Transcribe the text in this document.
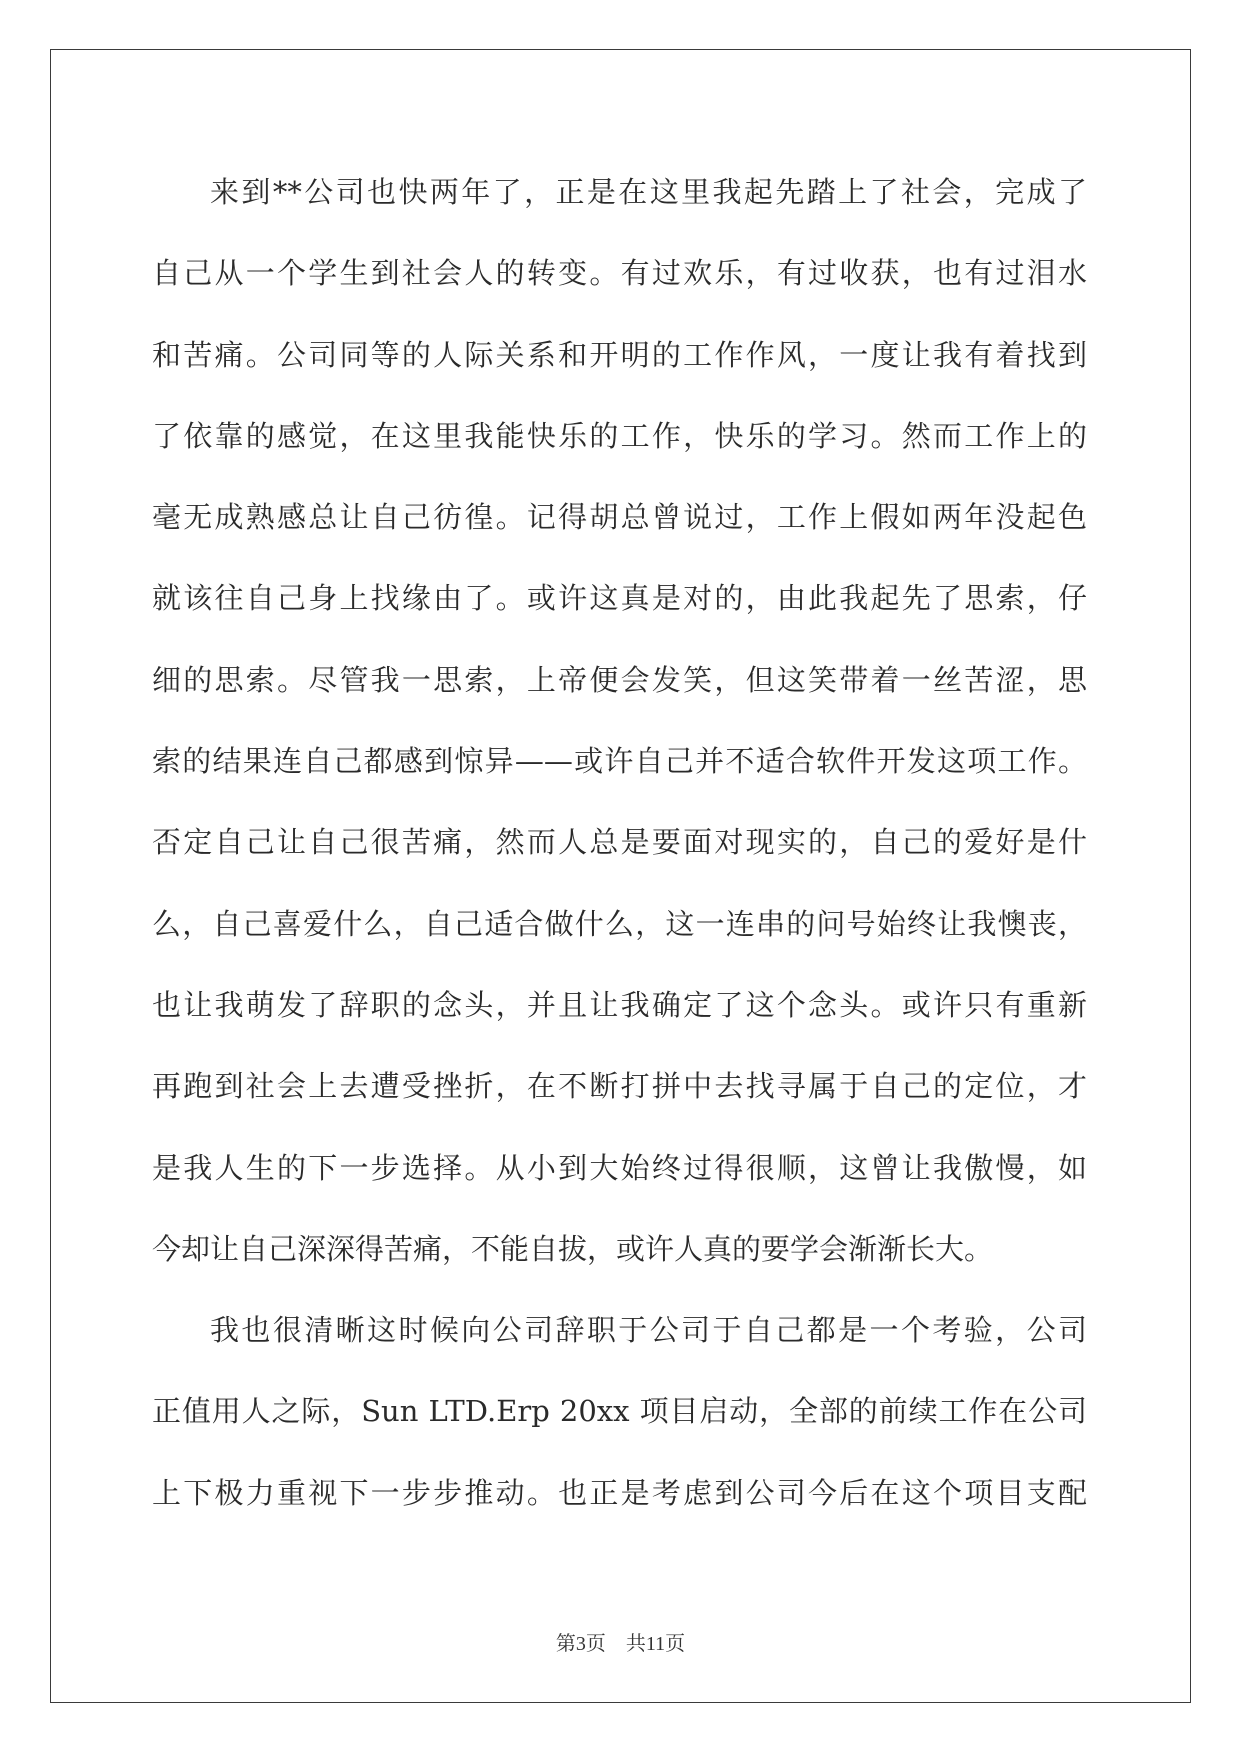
来到**公司也快两年了，正是在这里我起先踏上了社会，完成了
自己从一个学生到社会人的转变。有过欢乐，有过收获，也有过泪水
和苦痛。公司同等的人际关系和开明的工作作风，一度让我有着找到
了依靠的感觉，在这里我能快乐的工作，快乐的学习。然而工作上的
毫无成熟感总让自己彷徨。记得胡总曾说过，工作上假如两年没起色
就该往自己身上找缘由了。或许这真是对的，由此我起先了思索，仔
细的思索。尽管我一思索，上帝便会发笑，但这笑带着一丝苦涩，思
索的结果连自己都感到惊异——或许自己并不适合软件开发这项工作。
否定自己让自己很苦痛，然而人总是要面对现实的，自己的爱好是什
么，自己喜爱什么，自己适合做什么，这一连串的问号始终让我懊丧，
也让我萌发了辞职的念头，并且让我确定了这个念头。或许只有重新
再跑到社会上去遭受挫折，在不断打拼中去找寻属于自己的定位，才
是我人生的下一步选择。从小到大始终过得很顺，这曾让我傲慢，如
今却让自己深深得苦痛，不能自拔，或许人真的要学会渐渐长大。
我也很清晰这时候向公司辞职于公司于自己都是一个考验，公司
正值用人之际，Sun LTD.Erp 20xx 项目启动，全部的前续工作在公司
上下极力重视下一步步推动。也正是考虑到公司今后在这个项目支配
第3页 共11页
